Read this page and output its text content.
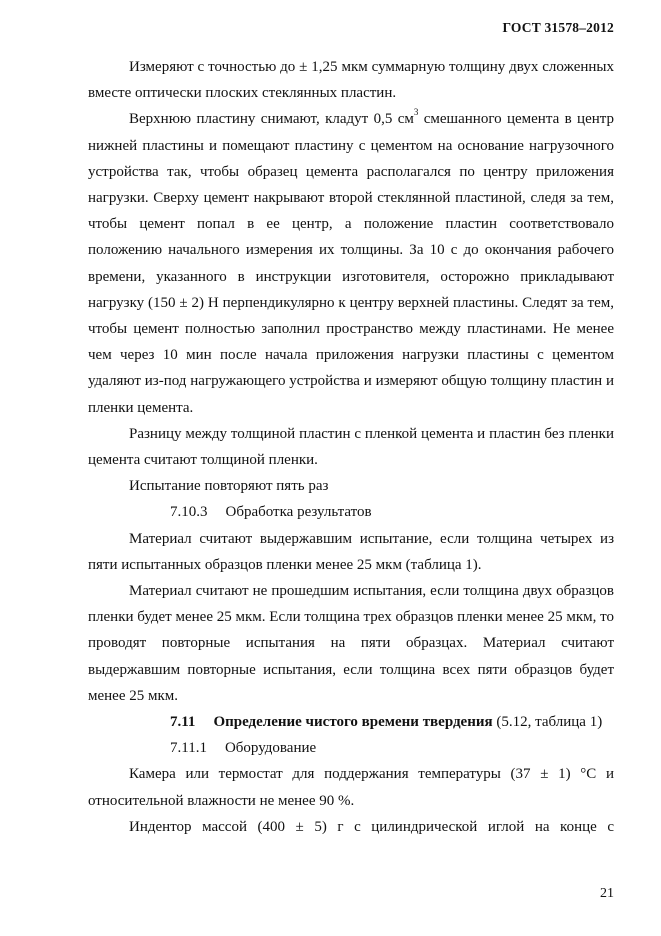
ГОСТ 31578–2012

Измеряют с точностью до ± 1,25 мкм суммарную толщину двух сложенных вместе оптически плоских стеклянных пластин.

Верхнюю пластину снимают, кладут 0,5 $см^3$ смешанного цемента в центр нижней пластины и помещают пластину с цементом на основание нагрузочного устройства так, чтобы образец цемента располагался по центру приложения нагрузки. Сверху цемент накрывают второй стеклянной пластиной, следя за тем, чтобы цемент попал в ее центр, а положение пластин соответствовало положению начального измерения их толщины. За 10 с до окончания рабочего времени, указанного в инструкции изготовителя, осторожно прикладывают нагрузку (150 ± 2) Н перпендикулярно к центру верхней пластины. Следят за тем, чтобы цемент полностью заполнил пространство между пластинами. Не менее чем через 10 мин после начала приложения нагрузки пластины с цементом удаляют из-под нагружающего устройства и измеряют общую толщину пластин и пленки цемента.

Разницу между толщиной пластин с пленкой цемента и пластин без пленки цемента считают толщиной пленки.

Испытание повторяют пять раз

7.10.3 Обработка результатов

Материал считают выдержавшим испытание, если толщина четырех из пяти испытанных образцов пленки менее 25 мкм (таблица 1).

Материал считают не прошедшим испытания, если толщина двух образцов пленки будет менее 25 мкм. Если толщина трех образцов пленки менее 25 мкм, то проводят повторные испытания на пяти образцах. Материал считают выдержавшим повторные испытания, если толщина всех пяти образцов будет менее 25 мкм.

7.11 Определение чистого времени твердения (5.12, таблица 1)

7.11.1 Оборудование

Камера или термостат для поддержания температуры (37 ± 1) °С и относительной влажности не менее 90 %.

Индентор массой (400 ± 5) г с цилиндрической иглой на конце с

21
